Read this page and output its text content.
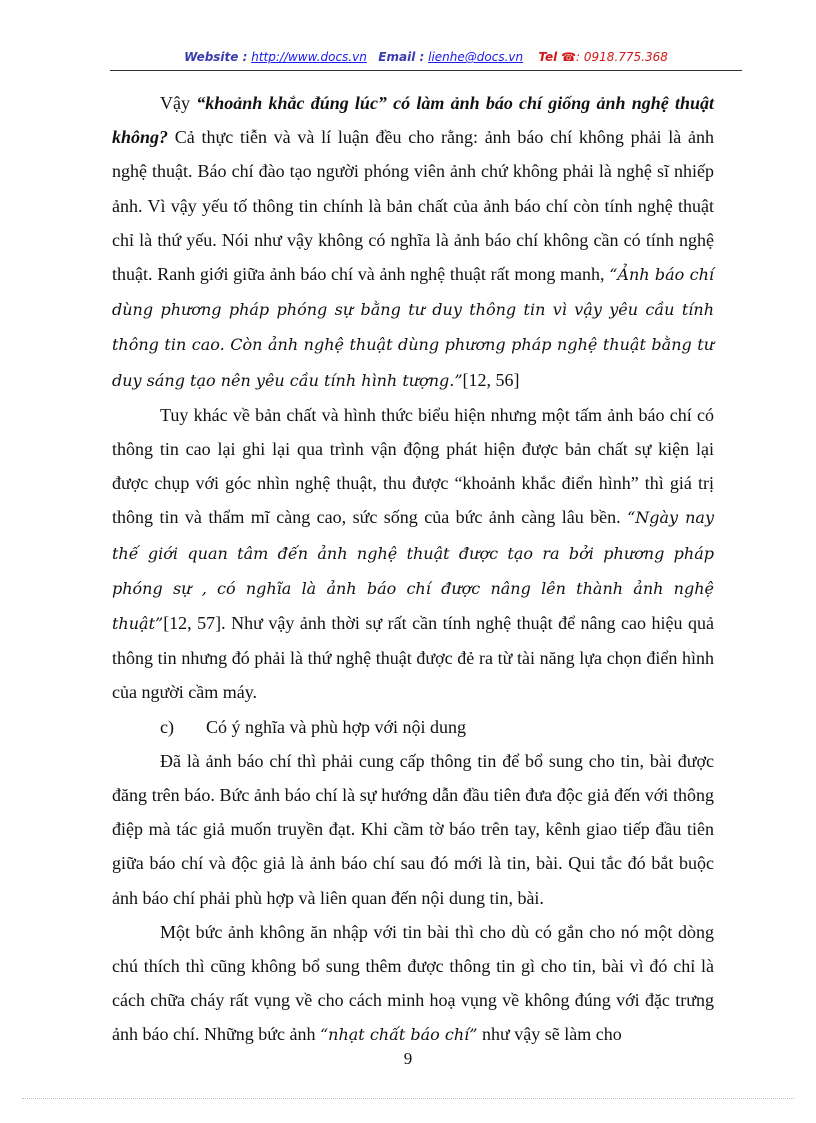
Website : http://www.docs.vn Email : lienhe@docs.vn Tel ☎: 0918.775.368

Vậy “khoảnh khắc đúng lúc” có làm ảnh báo chí giống ảnh nghệ thuật không? Cả thực tiễn và và lí luận đều cho rằng: ảnh báo chí không phải là ảnh nghệ thuật. Báo chí đào tạo người phóng viên ảnh chứ không phải là nghệ sĩ nhiếp ảnh. Vì vậy yếu tố thông tin chính là bản chất của ảnh báo chí còn tính nghệ thuật chỉ là thứ yếu. Nói như vậy không có nghĩa là ảnh báo chí không cần có tính nghệ thuật. Ranh giới giữa ảnh báo chí và ảnh nghệ thuật rất mong manh, “Ảnh báo chí dùng phương pháp phóng sự bằng tư duy thông tin vì vậy yêu cầu tính thông tin cao. Còn ảnh nghệ thuật dùng phương pháp nghệ thuật bằng tư duy sáng tạo nên yêu cầu tính hình tượng.”[12, 56]

Tuy khác về bản chất và hình thức biểu hiện nhưng một tấm ảnh báo chí có thông tin cao lại ghi lại qua trình vận động phát hiện được bản chất sự kiện lại được chụp với góc nhìn nghệ thuật, thu được “khoảnh khắc điển hình” thì giá trị thông tin và thẩm mĩ càng cao, sức sống của bức ảnh càng lâu bền. “Ngày nay thế giới quan tâm đến ảnh nghệ thuật được tạo ra bởi phương pháp phóng sự , có nghĩa là ảnh báo chí được nâng lên thành ảnh nghệ thuật”[12, 57]. Như vậy ảnh thời sự rất cần tính nghệ thuật để nâng cao hiệu quả thông tin nhưng đó phải là thứ nghệ thuật được đẻ ra từ tài năng lựa chọn điển hình của người cầm máy.

c) Có ý nghĩa và phù hợp với nội dung

Đã là ảnh báo chí thì phải cung cấp thông tin để bổ sung cho tin, bài được đăng trên báo. Bức ảnh báo chí là sự hướng dẫn đầu tiên đưa độc giả đến với thông điệp mà tác giả muốn truyền đạt. Khi cầm tờ báo trên tay, kênh giao tiếp đầu tiên giữa báo chí và độc giả là ảnh báo chí sau đó mới là tin, bài. Qui tắc đó bắt buộc ảnh báo chí phải phù hợp và liên quan đến nội dung tin, bài.

Một bức ảnh không ăn nhập với tin bài thì cho dù có gắn cho nó một dòng chú thích thì cũng không bổ sung thêm được thông tin gì cho tin, bài vì đó chỉ là cách chữa cháy rất vụng về cho cách minh hoạ vụng về không đúng với đặc trưng ảnh báo chí. Những bức ảnh “nhạt chất báo chí” như vậy sẽ làm cho

9
